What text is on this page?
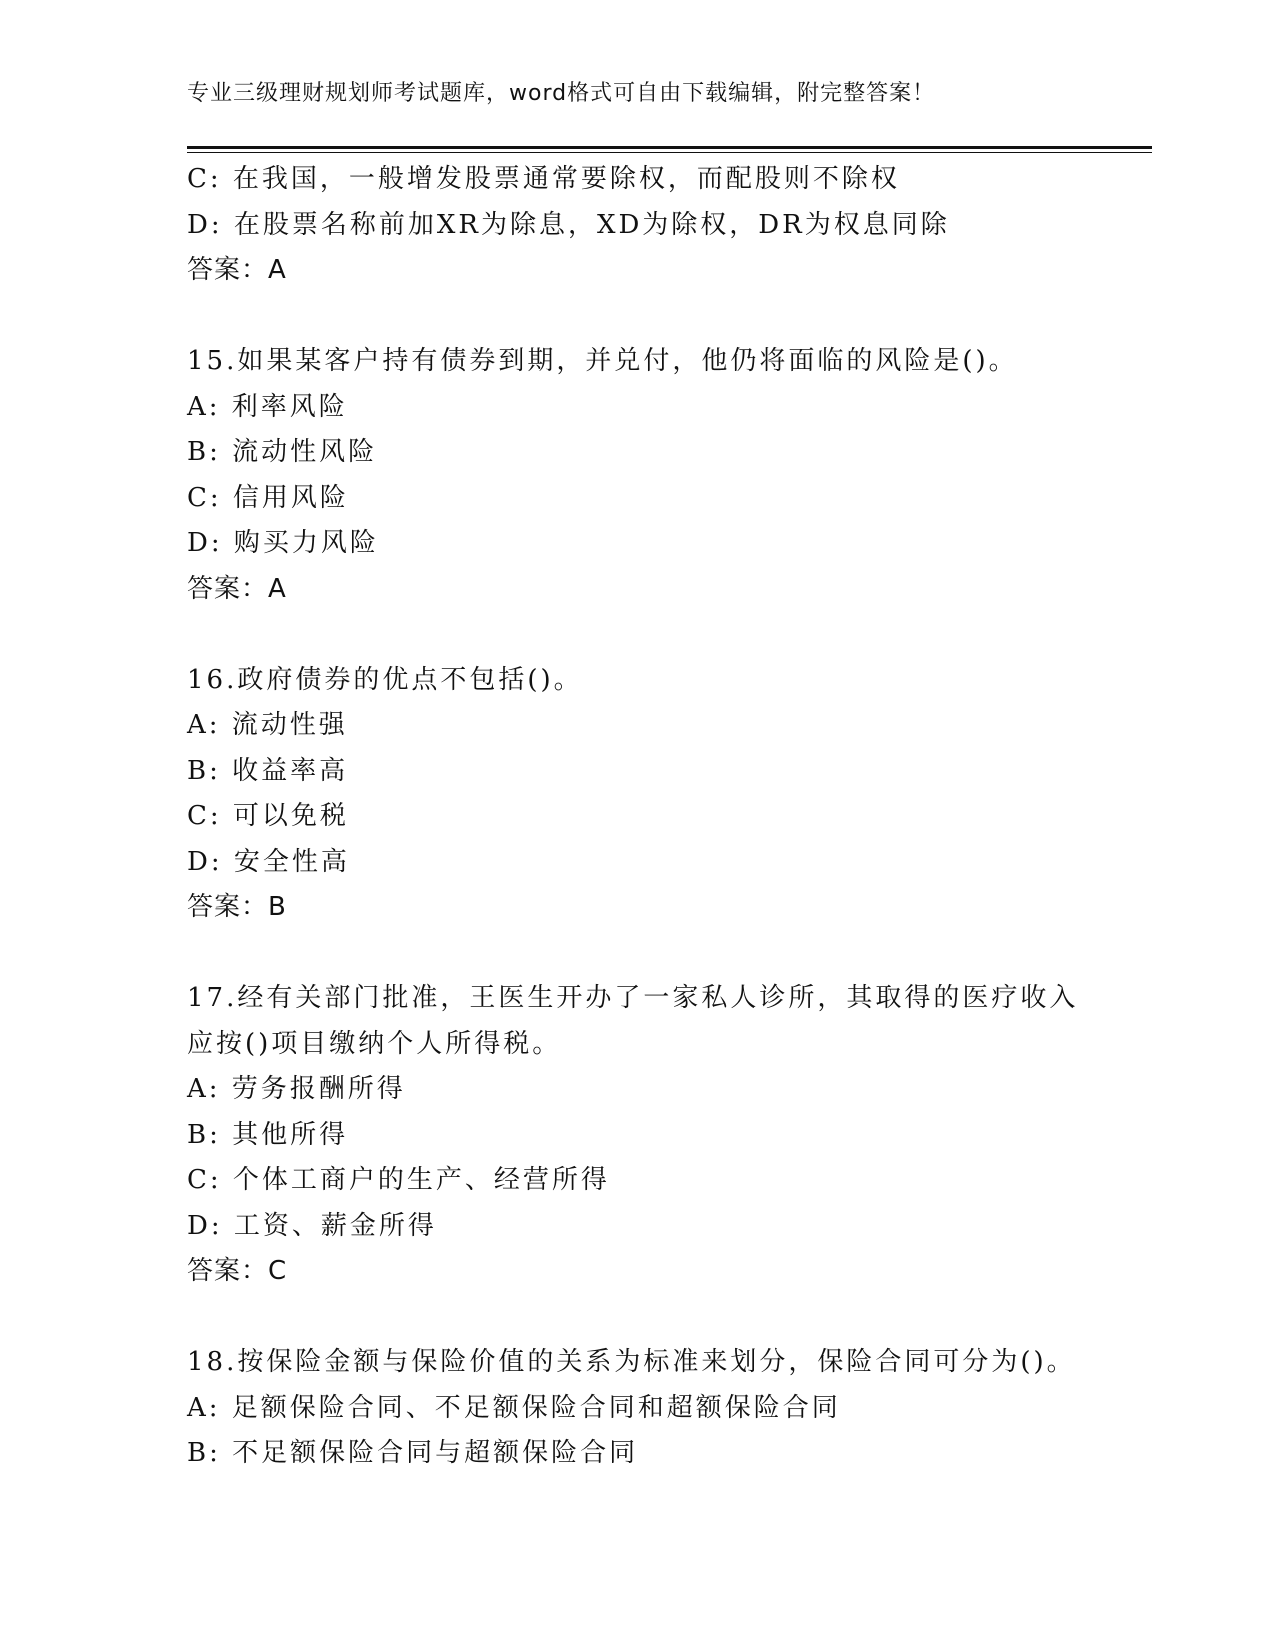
专业三级理财规划师考试题库，word格式可自由下载编辑，附完整答案！
C: 在我国，一般增发股票通常要除权，而配股则不除权
D: 在股票名称前加XR为除息，XD为除权，DR为权息同除
答案：A
15.如果某客户持有债券到期，并兑付，他仍将面临的风险是()。
A: 利率风险
B: 流动性风险
C: 信用风险
D: 购买力风险
答案：A
16.政府债券的优点不包括()。
A: 流动性强
B: 收益率高
C: 可以免税
D: 安全性高
答案：B
17.经有关部门批准，王医生开办了一家私人诊所，其取得的医疗收入
应按()项目缴纳个人所得税。
A: 劳务报酬所得
B: 其他所得
C: 个体工商户的生产、经营所得
D: 工资、薪金所得
答案：C
18.按保险金额与保险价值的关系为标准来划分，保险合同可分为()。
A: 足额保险合同、不足额保险合同和超额保险合同
B: 不足额保险合同与超额保险合同
